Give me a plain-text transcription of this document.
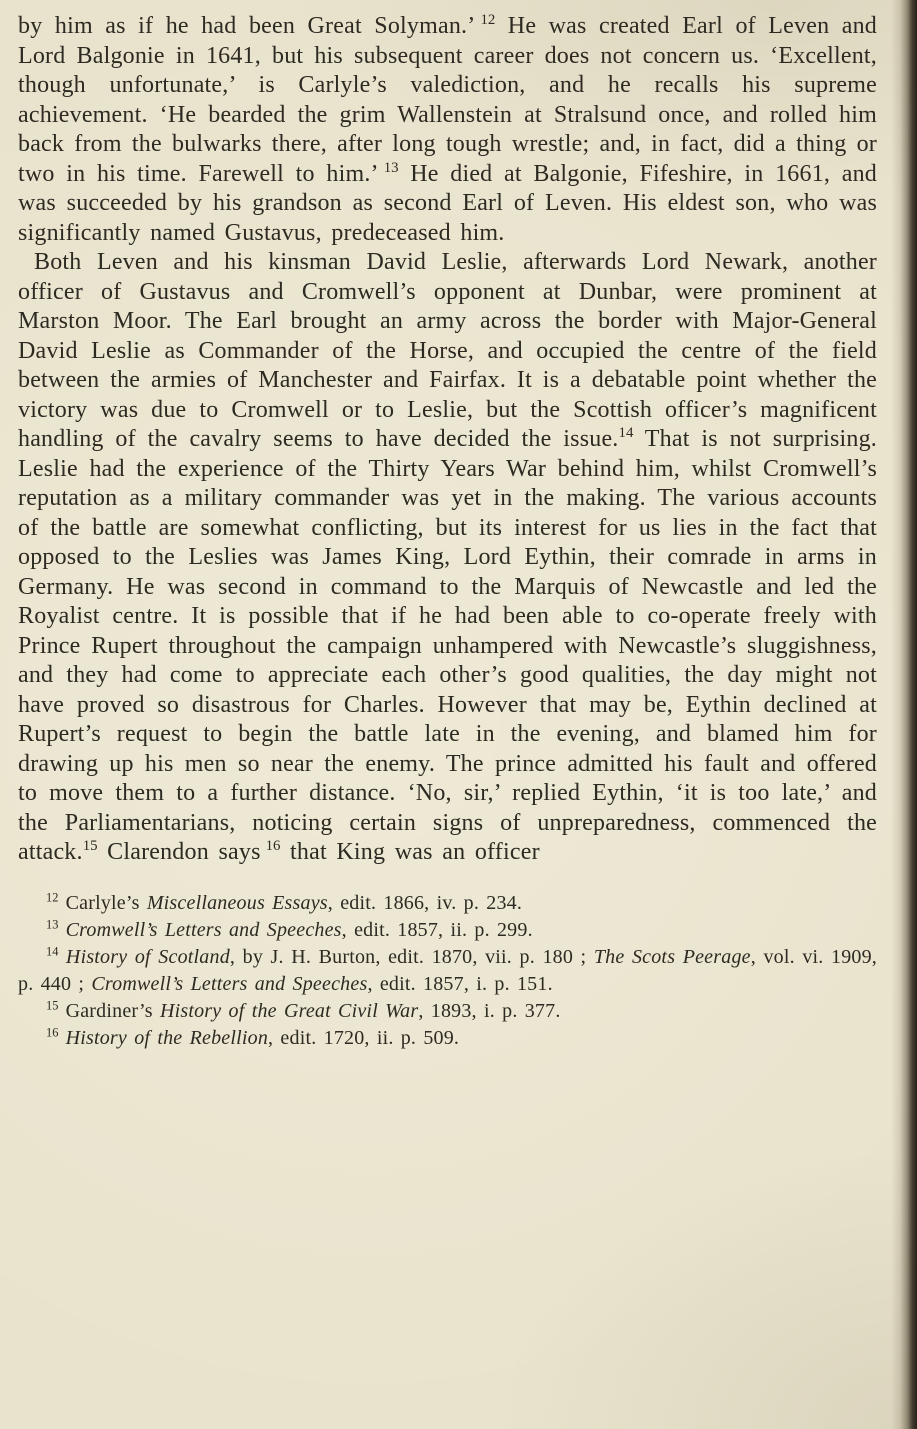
by him as if he had been Great Solyman.’ $^{12}$ He was created Earl of Leven and Lord Balgonie in 1641, but his subsequent career does not concern us. ‘Excellent, though unfortunate,’ is Carlyle’s valediction, and he recalls his supreme achievement. ‘He bearded the grim Wallenstein at Stralsund once, and rolled him back from the bulwarks there, after long tough wrestle; and, in fact, did a thing or two in his time. Farewell to him.’ $^{13}$ He died at Balgonie, Fifeshire, in 1661, and was succeeded by his grandson as second Earl of Leven. His eldest son, who was significantly named Gustavus, predeceased him.

Both Leven and his kinsman David Leslie, afterwards Lord Newark, another officer of Gustavus and Cromwell’s opponent at Dunbar, were prominent at Marston Moor. The Earl brought an army across the border with Major-General David Leslie as Commander of the Horse, and occupied the centre of the field between the armies of Manchester and Fairfax. It is a debatable point whether the victory was due to Cromwell or to Leslie, but the Scottish officer’s magnificent handling of the cavalry seems to have decided the issue.$^{14}$ That is not surprising. Leslie had the experience of the Thirty Years War behind him, whilst Cromwell’s reputation as a military commander was yet in the making. The various accounts of the battle are somewhat conflicting, but its interest for us lies in the fact that opposed to the Leslies was James King, Lord Eythin, their comrade in arms in Germany. He was second in command to the Marquis of Newcastle and led the Royalist centre. It is possible that if he had been able to co-operate freely with Prince Rupert throughout the campaign unhampered with Newcastle’s sluggishness, and they had come to appreciate each other’s good qualities, the day might not have proved so disastrous for Charles. However that may be, Eythin declined at Rupert’s request to begin the battle late in the evening, and blamed him for drawing up his men so near the enemy. The prince admitted his fault and offered to move them to a further distance. ‘No, sir,’ replied Eythin, ‘it is too late,’ and the Parliamentarians, noticing certain signs of unpreparedness, commenced the attack.$^{15}$ Clarendon says $^{16}$ that King was an officer

$^{12}$ Carlyle’s Miscellaneous Essays, edit. 1866, iv. p. 234.

$^{13}$ Cromwell’s Letters and Speeches, edit. 1857, ii. p. 299.

$^{14}$ History of Scotland, by J. H. Burton, edit. 1870, vii. p. 180 ; The Scots Peerage, vol. vi. 1909, p. 440 ; Cromwell’s Letters and Speeches, edit. 1857, i. p. 151.

$^{15}$ Gardiner’s History of the Great Civil War, 1893, i. p. 377.

$^{16}$ History of the Rebellion, edit. 1720, ii. p. 509.
